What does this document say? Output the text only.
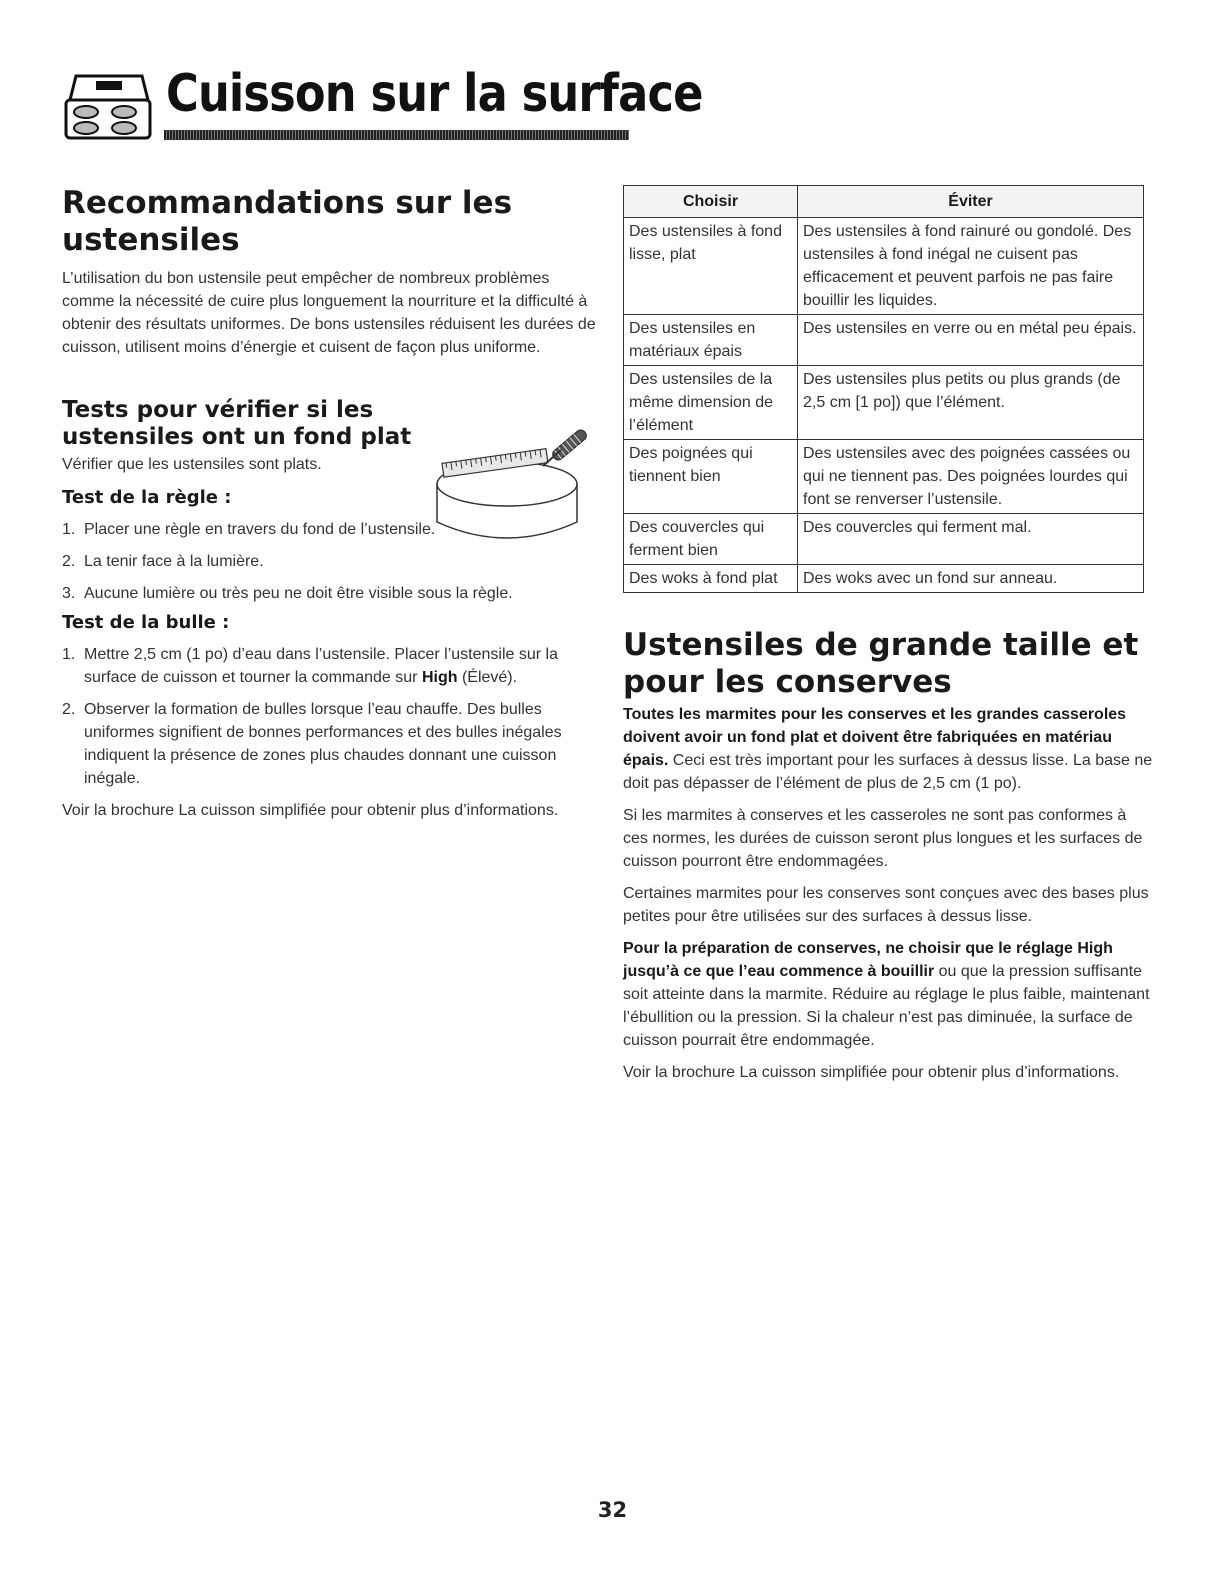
Cuisson sur la surface
Recommandations sur les ustensiles

L’utilisation du bon ustensile peut empêcher de nombreux problèmes comme la nécessité de cuire plus longuement la nourriture et la difficulté à obtenir des résultats uniformes. De bons ustensiles réduisent les durées de cuisson, utilisent moins d’énergie et cuisent de façon plus uniforme.

Tests pour vérifier si les ustensiles ont un fond plat

Vérifier que les ustensiles sont plats.

Test de la règle :
1. Placer une règle en travers du fond de l’ustensile.
2. La tenir face à la lumière.
3. Aucune lumière ou très peu ne doit être visible sous la règle.
Test de la bulle :
1. Mettre 2,5 cm (1 po) d’eau dans l’ustensile. Placer l’ustensile sur la surface de cuisson et tourner la commande sur High (Élevé).
2. Observer la formation de bulles lorsque l’eau chauffe. Des bulles uniformes signifient de bonnes performances et des bulles inégales indiquent la présence de zones plus chaudes donnant une cuisson inégale.

Voir la brochure La cuisson simplifiée pour obtenir plus d’informations.

Choisir	Éviter
Des ustensiles à fond lisse, plat	Des ustensiles à fond rainuré ou gondolé. Des ustensiles à fond inégal ne cuisent pas efficacement et peuvent parfois ne pas faire bouillir les liquides.
Des ustensiles en matériaux épais	Des ustensiles en verre ou en métal peu épais.
Des ustensiles de la même dimension de l’élément	Des ustensiles plus petits ou plus grands (de 2,5 cm [1 po]) que l’élément.
Des poignées qui tiennent bien	Des ustensiles avec des poignées cassées ou qui ne tiennent pas. Des poignées lourdes qui font se renverser l’ustensile.
Des couvercles qui ferment bien	Des couvercles qui ferment mal.
Des woks à fond plat	Des woks avec un fond sur anneau.
Ustensiles de grande taille et pour les conserves

Toutes les marmites pour les conserves et les grandes casseroles doivent avoir un fond plat et doivent être fabriquées en matériau épais. Ceci est très important pour les surfaces à dessus lisse. La base ne doit pas dépasser de l’élément de plus de 2,5 cm (1 po).

Si les marmites à conserves et les casseroles ne sont pas conformes à ces normes, les durées de cuisson seront plus longues et les surfaces de cuisson pourront être endommagées.

Certaines marmites pour les conserves sont conçues avec des bases plus petites pour être utilisées sur des surfaces à dessus lisse.

Pour la préparation de conserves, ne choisir que le réglage High jusqu’à ce que l’eau commence à bouillir ou que la pression suffisante soit atteinte dans la marmite. Réduire au réglage le plus faible, maintenant l’ébullition ou la pression. Si la chaleur n’est pas diminuée, la surface de cuisson pourrait être endommagée.

Voir la brochure La cuisson simplifiée pour obtenir plus d’informations.

32
